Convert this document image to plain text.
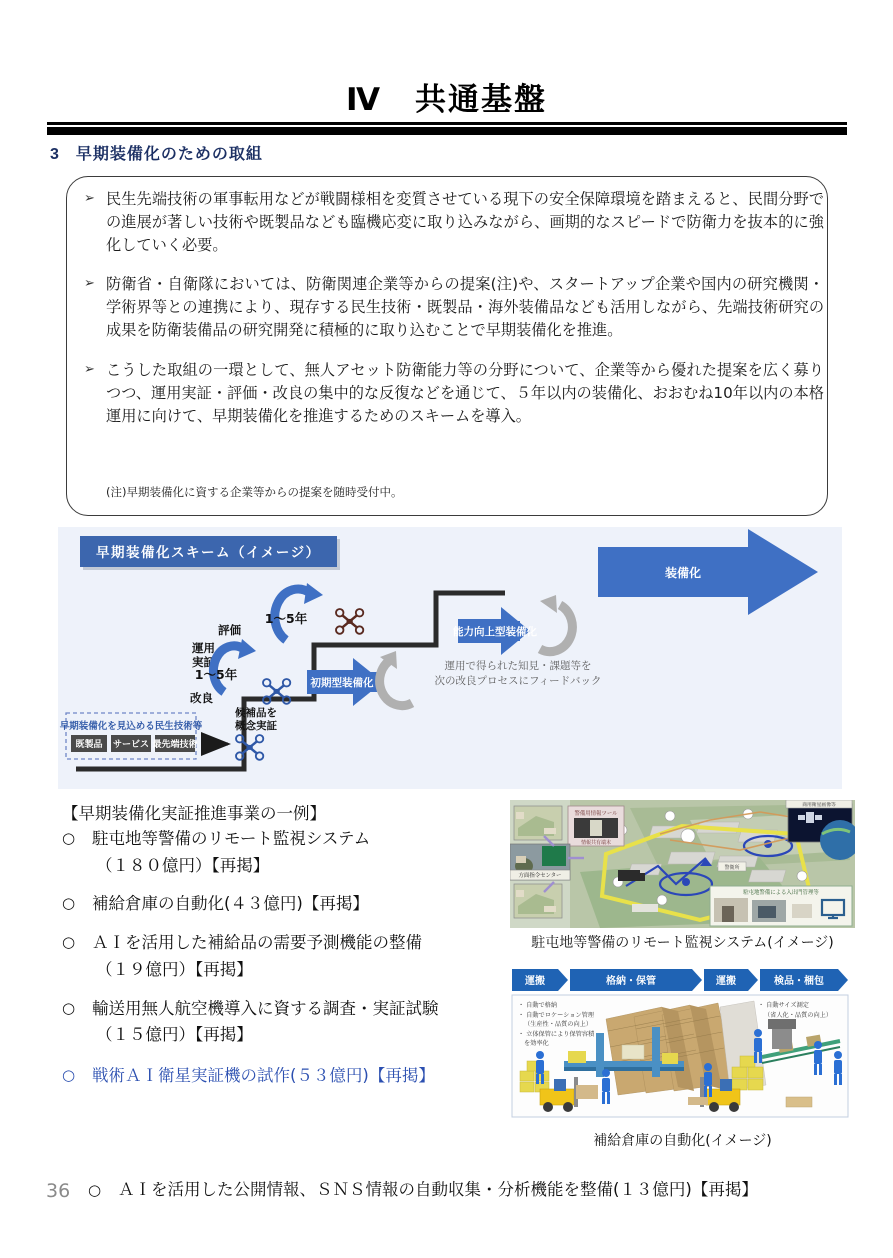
Ⅳ　共通基盤
3 早期装備化のための取組
➢ 民生先端技術の軍事転用などが戦闘様相を変質させている現下の安全保障環境を踏まえると、民間分野での進展が著しい技術や既製品なども臨機応変に取り込みながら、画期的なスピードで防衛力を抜本的に強化していく必要。
➢ 防衛省・自衛隊においては、防衛関連企業等からの提案(注)や、スタートアップ企業や国内の研究機関・学術界等との連携により、現存する民生技術・既製品・海外装備品なども活用しながら、先端技術研究の成果を防衛装備品の研究開発に積極的に取り込むことで早期装備化を推進。
➢ こうした取組の一環として、無人アセット防衛能力等の分野について、企業等から優れた提案を広く募りつつ、運用実証・評価・改良の集中的な反復などを通じて、５年以内の装備化、おおむね10年以内の本格運用に向けて、早期装備化を推進するためのスキームを導入。
(注)早期装備化に資する企業等からの提案を随時受付中。
早期装備化スキーム（イメージ）
早期装備化を見込める民生技術等
既製品 サービス 最先端技術
候補品を
概念実証
運用
実証
評価
改良
1〜5年
初期型装備化
運用で得られた知見・課題等を
次の改良プロセスにフィードバック
1〜5年
能力向上型装備化
装備化
【早期装備化実証推進事業の一例】
○	駐屯地等警備のリモート監視システム
（１８０億円）【再掲】
○	補給倉庫の自動化(４３億円)【再掲】
○	ＡＩを活用した補給品の需要予測機能の整備
（１９億円）【再掲】
○	輸送用無人航空機導入に資する調査・実証試験
（１５億円）【再掲】
○	戦術ＡＩ衛星実証機の試作(５３億円)【再掲】
36 ○ ＡＩを活用した公開情報、ＳＮＳ情報の自動収集・分析機能を整備(１３億円)【再掲】
警備用情報ツール
情報共有端末
商用衛星画像等
方面指令センター
警衛所
駐屯地警備による入出門管理等
駐屯地等警備のリモート監視システム(イメージ)
運搬	格納・保管	運搬	検品・梱包
・ 自動で格納
・ 自動でロケーション管理
（生産性・品質の向上）
・ 立体保管により保管容積
を効率化
・ 自動サイズ測定
（省人化・品質の向上）
補給倉庫の自動化(イメージ)
